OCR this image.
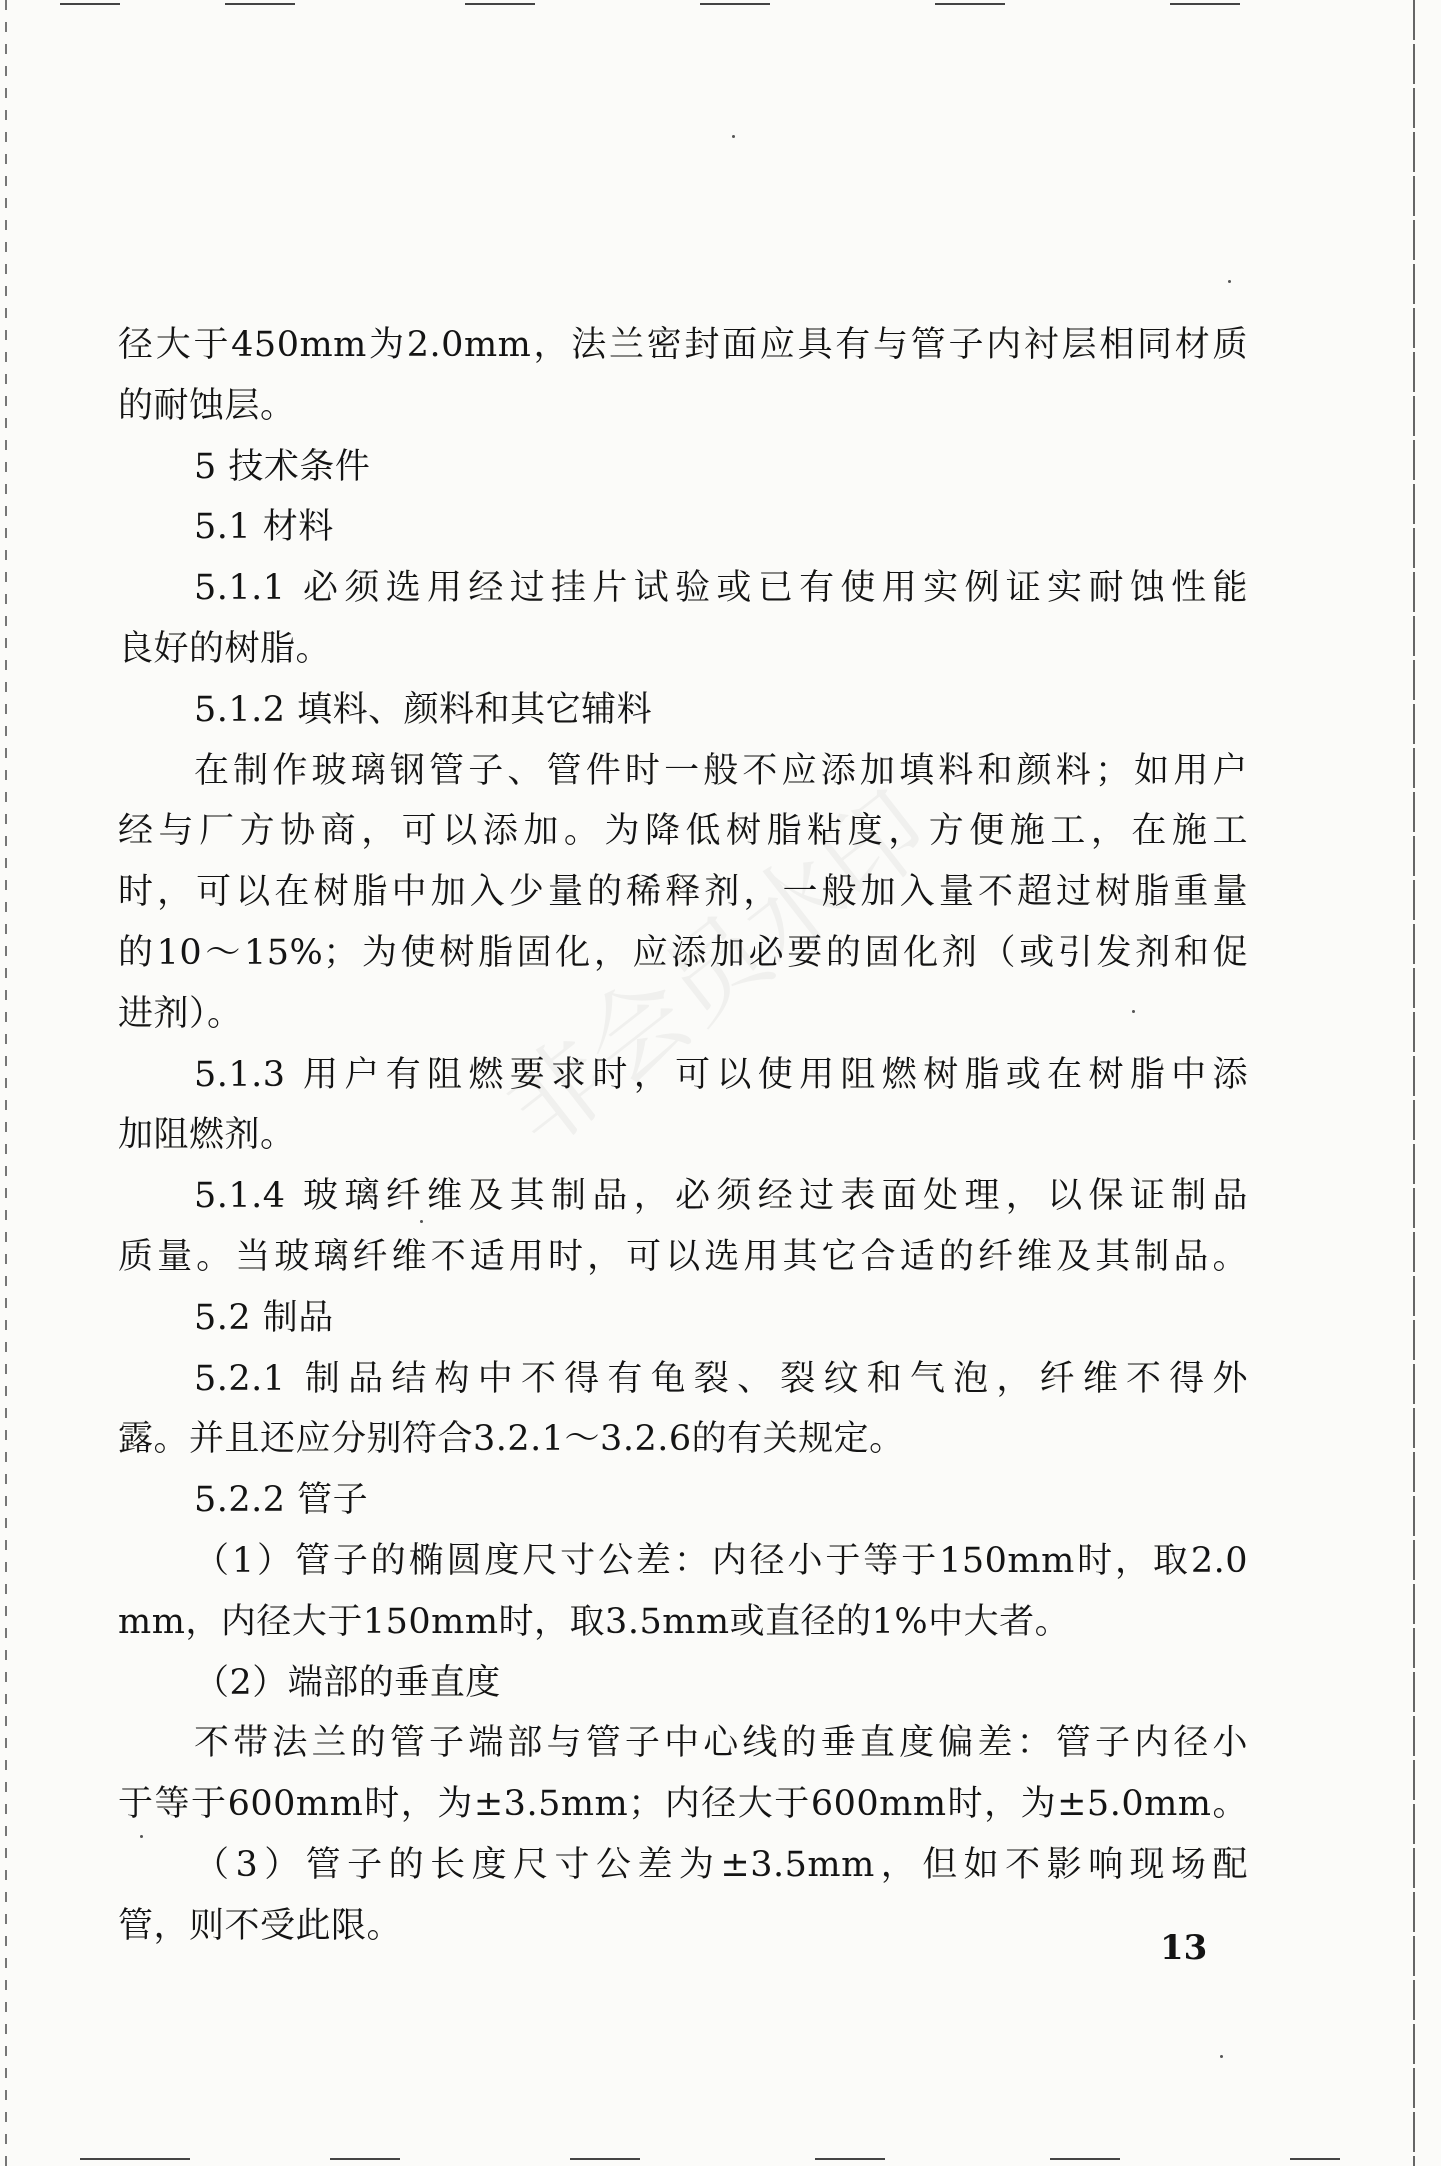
径大于450mm为2.0mm，法兰密封面应具有与管子内衬层相同材质
的耐蚀层。
5 技术条件
5.1 材料
5.1.1 必须选用经过挂片试验或已有使用实例证实耐蚀性能
良好的树脂。
5.1.2 填料、颜料和其它辅料
在制作玻璃钢管子、管件时一般不应添加填料和颜料；如用户
经与厂方协商，可以添加。为降低树脂粘度，方便施工，在施工
时，可以在树脂中加入少量的稀释剂，一般加入量不超过树脂重量
的10～15%；为使树脂固化，应添加必要的固化剂（或引发剂和促
进剂）。
5.1.3 用户有阻燃要求时，可以使用阻燃树脂或在树脂中添
加阻燃剂。
5.1.4 玻璃纤维及其制品，必须经过表面处理，以保证制品
质量。当玻璃纤维不适用时，可以选用其它合适的纤维及其制品。
5.2 制品
5.2.1 制品结构中不得有龟裂、裂纹和气泡，纤维不得外
露。并且还应分别符合3.2.1～3.2.6的有关规定。
5.2.2 管子
（1）管子的椭圆度尺寸公差：内径小于等于150mm时，取2.0
mm，内径大于150mm时，取3.5mm或直径的1%中大者。
（2）端部的垂直度
不带法兰的管子端部与管子中心线的垂直度偏差：管子内径小
于等于600mm时，为±3.5mm；内径大于600mm时，为±5.0mm。
（3）管子的长度尺寸公差为±3.5mm，但如不影响现场配
管，则不受此限。
13
